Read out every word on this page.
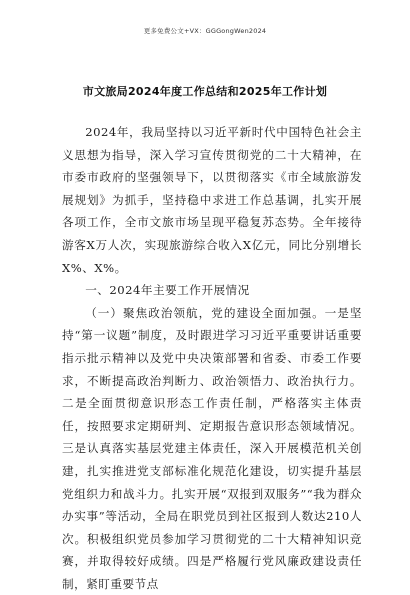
更多免费公文+VX：GGGongWen2024
市文旅局2024年度工作总结和2025年工作计划

2024年，我局坚持以习近平新时代中国特色社会主义思想为指导，深入学习宣传贯彻党的二十大精神，在市委市政府的坚强领导下，以贯彻落实《市全域旅游发展规划》为抓手，坚持稳中求进工作总基调，扎实开展各项工作，全市文旅市场呈现平稳复苏态势。全年接待游客X万人次，实现旅游综合收入X亿元，同比分别增长X%、X%。

一、2024年主要工作开展情况

（一）聚焦政治领航，党的建设全面加强。一是坚持“第一议题”制度，及时跟进学习习近平重要讲话重要指示批示精神以及党中央决策部署和省委、市委工作要求，不断提高政治判断力、政治领悟力、政治执行力。二是全面贯彻意识形态工作责任制，严格落实主体责任，按照要求定期研判、定期报告意识形态领域情况。三是认真落实基层党建主体责任，深入开展模范机关创建，扎实推进党支部标准化规范化建设，切实提升基层党组织力和战斗力。扎实开展“双报到双服务”“我为群众办实事”等活动，全局在职党员到社区报到人数达210人次。积极组织党员参加学习贯彻党的二十大精神知识竞赛，并取得较好成绩。四是严格履行党风廉政建设责任制，紧盯重要节点
